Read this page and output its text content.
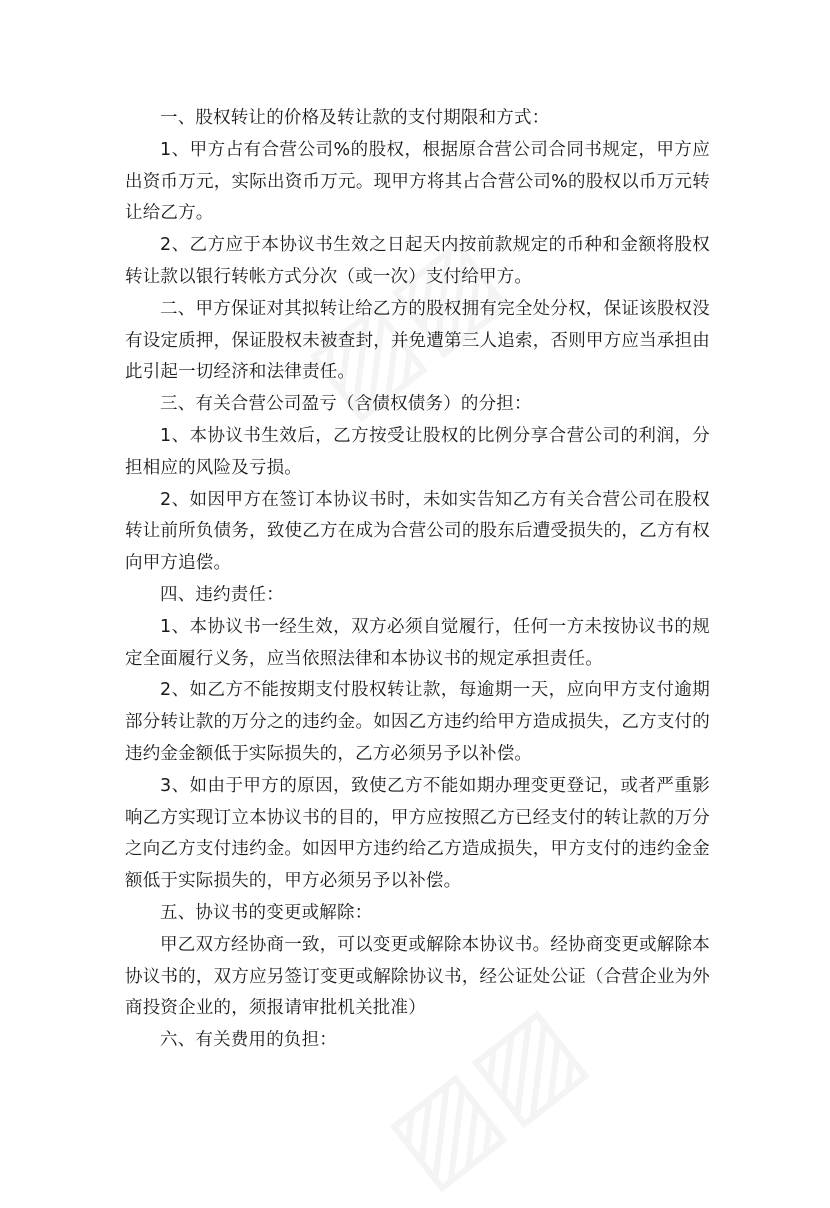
一、股权转让的价格及转让款的支付期限和方式：

1、甲方占有合营公司%的股权，根据原合营公司合同书规定，甲方应出资币万元，实际出资币万元。现甲方将其占合营公司%的股权以币万元转让给乙方。

2、乙方应于本协议书生效之日起天内按前款规定的币种和金额将股权转让款以银行转帐方式分次（或一次）支付给甲方。

二、甲方保证对其拟转让给乙方的股权拥有完全处分权，保证该股权没有设定质押，保证股权未被查封，并免遭第三人追索，否则甲方应当承担由此引起一切经济和法律责任。

三、有关合营公司盈亏（含债权债务）的分担：

1、本协议书生效后，乙方按受让股权的比例分享合营公司的利润，分担相应的风险及亏损。

2、如因甲方在签订本协议书时，未如实告知乙方有关合营公司在股权转让前所负债务，致使乙方在成为合营公司的股东后遭受损失的，乙方有权向甲方追偿。

四、违约责任：

1、本协议书一经生效，双方必须自觉履行，任何一方未按协议书的规定全面履行义务，应当依照法律和本协议书的规定承担责任。

2、如乙方不能按期支付股权转让款，每逾期一天，应向甲方支付逾期部分转让款的万分之的违约金。如因乙方违约给甲方造成损失，乙方支付的违约金金额低于实际损失的，乙方必须另予以补偿。

3、如由于甲方的原因，致使乙方不能如期办理变更登记，或者严重影响乙方实现订立本协议书的目的，甲方应按照乙方已经支付的转让款的万分之向乙方支付违约金。如因甲方违约给乙方造成损失，甲方支付的违约金金额低于实际损失的，甲方必须另予以补偿。

五、协议书的变更或解除：

甲乙双方经协商一致，可以变更或解除本协议书。经协商变更或解除本协议书的，双方应另签订变更或解除协议书，经公证处公证（合营企业为外商投资企业的，须报请审批机关批准）

六、有关费用的负担：
